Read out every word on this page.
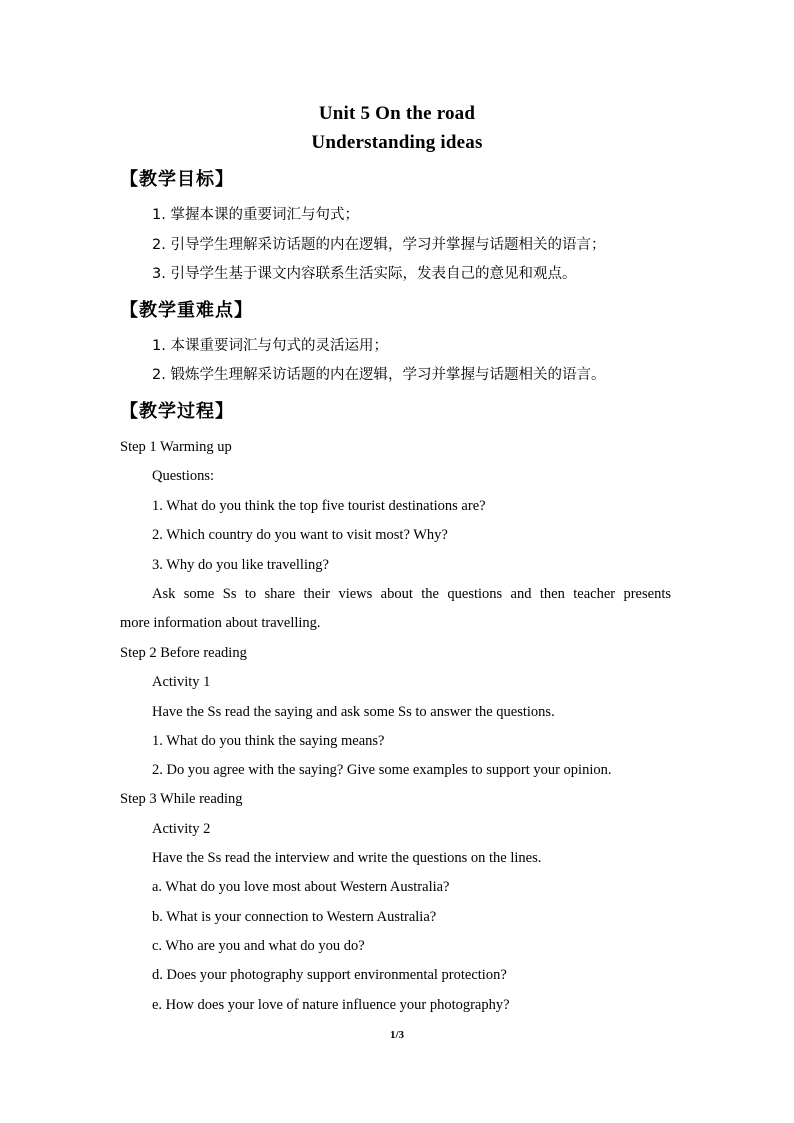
Unit 5 On the road
Understanding ideas
【教学目标】
1. 掌握本课的重要词汇与句式；
2. 引导学生理解采访话题的内在逻辑，学习并掌握与话题相关的语言；
3. 引导学生基于课文内容联系生活实际，发表自己的意见和观点。
【教学重难点】
1. 本课重要词汇与句式的灵活运用；
2. 锻炼学生理解采访话题的内在逻辑，学习并掌握与话题相关的语言。
【教学过程】
Step 1 Warming up
Questions:
1. What do you think the top five tourist destinations are?
2. Which country do you want to visit most? Why?
3. Why do you like travelling?
Ask some Ss to share their views about the questions and then teacher presents
more information about travelling.
Step 2 Before reading
Activity 1
Have the Ss read the saying and ask some Ss to answer the questions.
1. What do you think the saying means?
2. Do you agree with the saying? Give some examples to support your opinion.
Step 3 While reading
Activity 2
Have the Ss read the interview and write the questions on the lines.
a. What do you love most about Western Australia?
b. What is your connection to Western Australia?
c. Who are you and what do you do?
d. Does your photography support environmental protection?
e. How does your love of nature influence your photography?
1/3
